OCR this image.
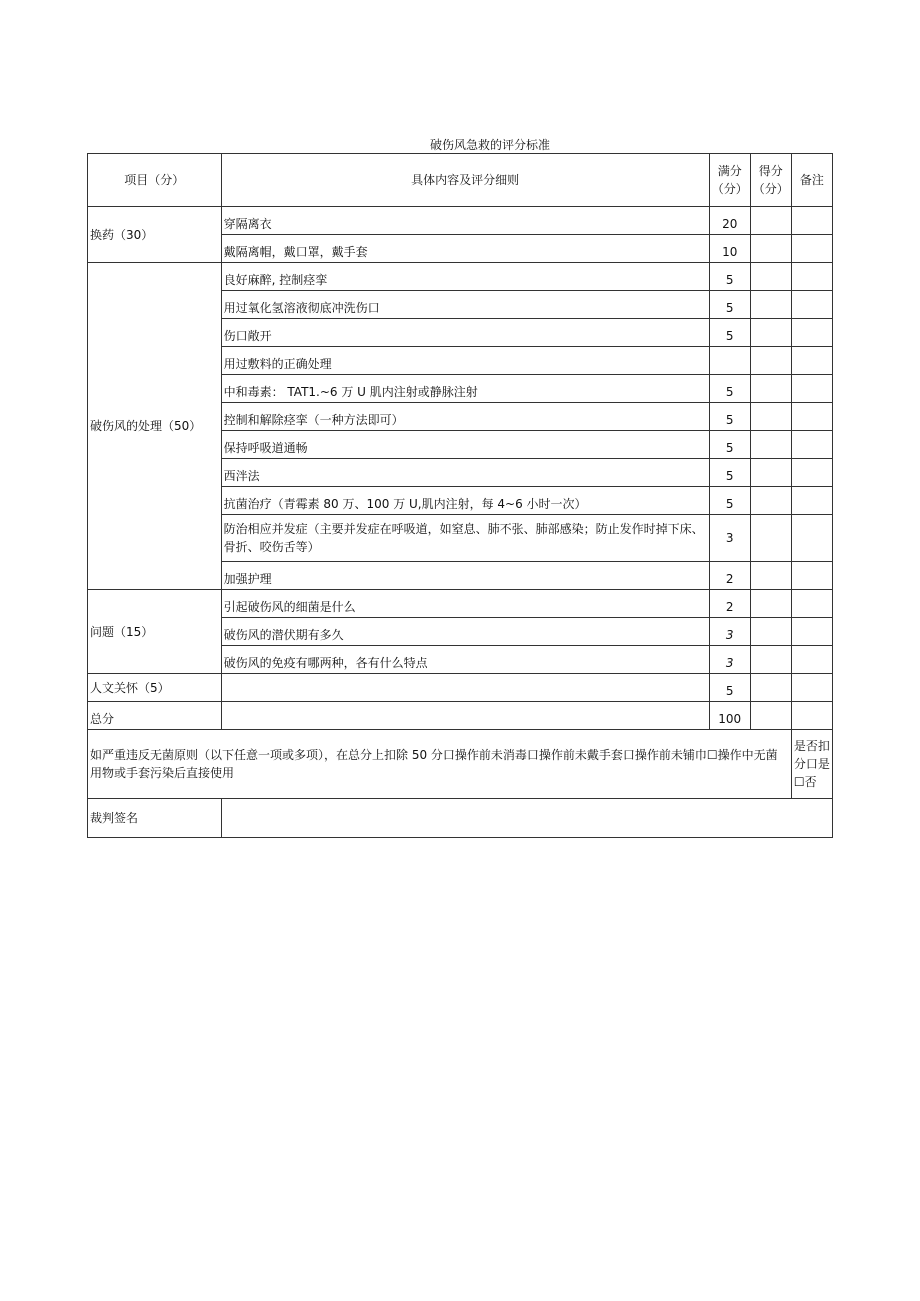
破伤风急救的评分标准
项目（分）	具体内容及评分细则	满分（分）	得分（分）	备注
换药（30）	穿隔离衣	20		
	戴隔离帽，戴口罩，戴手套	10		
破伤风的处理（50）	良好麻醉, 控制痉挛	5		
	用过氧化氢溶液彻底冲洗伤口	5		
	伤口敞开	5		
	用过敷料的正确处理			
	中和毒素： TAT1.~6 万 U 肌内注射或静脉注射	5		
	控制和解除痉挛（一种方法即可）	5		
	保持呼吸道通畅	5		
	西泮法	5		
	抗菌治疗（青霉素 80 万、100 万 U,肌内注射，每 4~6 小时一次）	5		
	防治相应并发症（主要并发症在呼吸道，如窒息、肺不张、肺部感染；防止发作时掉下床、骨折、咬伤舌等）	3		
	加强护理	2		
问题（15）	引起破伤风的细菌是什么	2		
	破伤风的潜伏期有多久	3		
	破伤风的免疫有哪两种，各有什么特点	3		
人文关怀（5）		5		
总分		100		
如严重违反无菌原则（以下任意一项或多项），在总分上扣除 50 分口操作前未消毒口操作前未戴手套口操作前未铺巾☐操作中无菌用物或手套污染后直接使用				是否扣分口是☐否
裁判签名				
